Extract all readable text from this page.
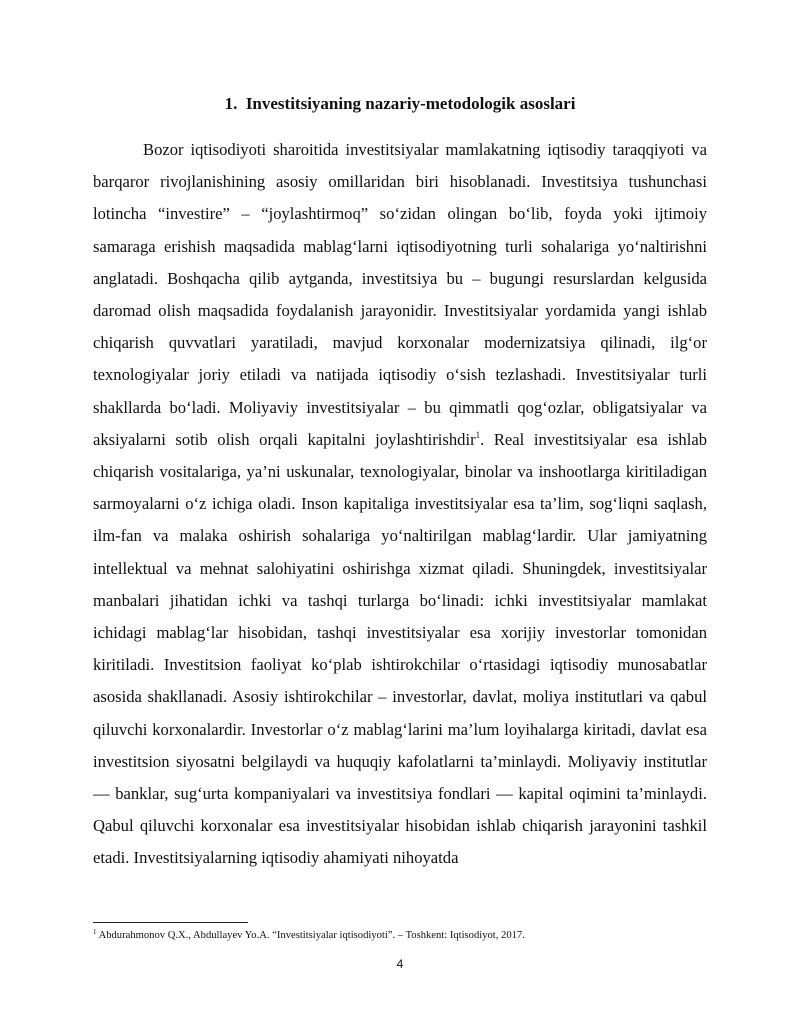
1. Investitsiyaning nazariy-metodologik asoslari

Bozor iqtisodiyoti sharoitida investitsiyalar mamlakatning iqtisodiy taraqqiyoti va barqaror rivojlanishining asosiy omillaridan biri hisoblanadi. Investitsiya tushunchasi lotincha “investire” – “joylashtirmoq” so‘zidan olingan bo‘lib, foyda yoki ijtimoiy samaraga erishish maqsadida mablag‘larni iqtisodiyotning turli sohalariga yo‘naltirishni anglatadi. Boshqacha qilib aytganda, investitsiya bu – bugungi resurslardan kelgusida daromad olish maqsadida foydalanish jarayonidir. Investitsiyalar yordamida yangi ishlab chiqarish quvvatlari yaratiladi, mavjud korxonalar modernizatsiya qilinadi, ilg‘or texnologiyalar joriy etiladi va natijada iqtisodiy o‘sish tezlashadi. Investitsiyalar turli shakllarda bo‘ladi. Moliyaviy investitsiyalar – bu qimmatli qog‘ozlar, obligatsiyalar va aksiyalarni sotib olish orqali kapitalni joylashtirishdir$^1$. Real investitsiyalar esa ishlab chiqarish vositalariga, ya’ni uskunalar, texnologiyalar, binolar va inshootlarga kiritiladigan sarmoyalarni o‘z ichiga oladi. Inson kapitaliga investitsiyalar esa ta’lim, sog‘liqni saqlash, ilm-fan va malaka oshirish sohalariga yo‘naltirilgan mablag‘lardir. Ular jamiyatning intellektual va mehnat salohiyatini oshirishga xizmat qiladi. Shuningdek, investitsiyalar manbalari jihatidan ichki va tashqi turlarga bo‘linadi: ichki investitsiyalar mamlakat ichidagi mablag‘lar hisobidan, tashqi investitsiyalar esa xorijiy investorlar tomonidan kiritiladi. Investitsion faoliyat ko‘plab ishtirokchilar o‘rtasidagi iqtisodiy munosabatlar asosida shakllanadi. Asosiy ishtirokchilar – investorlar, davlat, moliya institutlari va qabul qiluvchi korxonalardir. Investorlar o‘z mablag‘larini ma’lum loyihalarga kiritadi, davlat esa investitsion siyosatni belgilaydi va huquqiy kafolatlarni ta’minlaydi. Moliyaviy institutlar — banklar, sug‘urta kompaniyalari va investitsiya fondlari — kapital oqimini ta’minlaydi. Qabul qiluvchi korxonalar esa investitsiyalar hisobidan ishlab chiqarish jarayonini tashkil etadi. Investitsiyalarning iqtisodiy ahamiyati nihoyatda

$^1$ Abdurahmonov Q.X., Abdullayev Yo.A. “Investitsiyalar iqtisodiyoti”. – Toshkent: Iqtisodiyot, 2017.
4
